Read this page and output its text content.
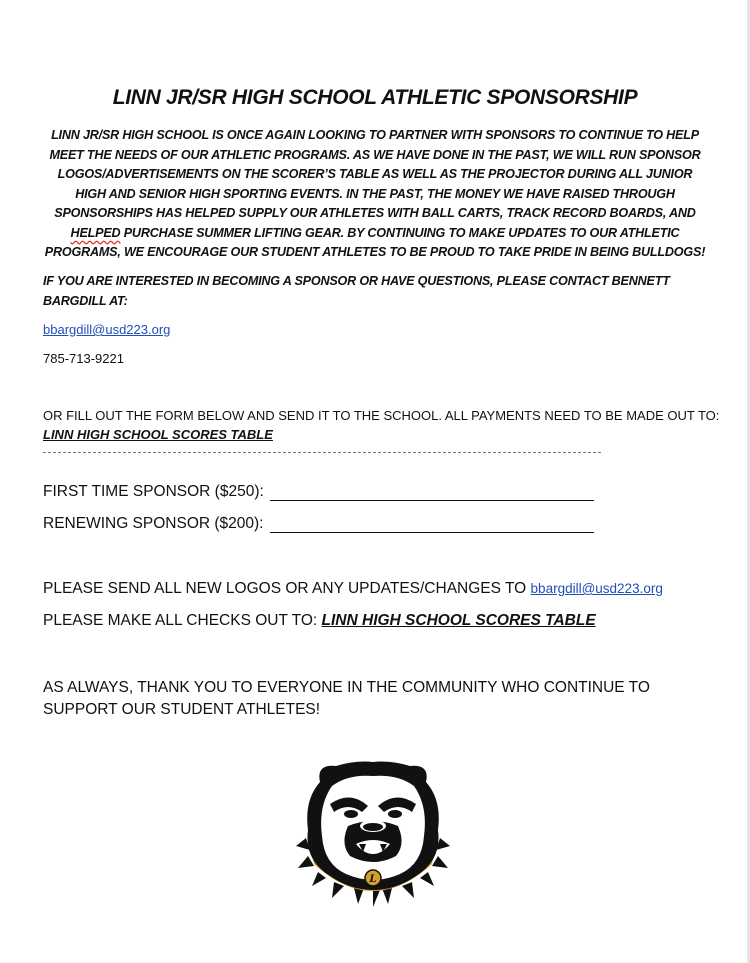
LINN JR/SR HIGH SCHOOL ATHLETIC SPONSORSHIP
LINN JR/SR HIGH SCHOOL IS ONCE AGAIN LOOKING TO PARTNER WITH SPONSORS TO CONTINUE TO HELP MEET THE NEEDS OF OUR ATHLETIC PROGRAMS. AS WE HAVE DONE IN THE PAST, WE WILL RUN SPONSOR LOGOS/ADVERTISEMENTS ON THE SCORER’S TABLE AS WELL AS THE PROJECTOR DURING ALL JUNIOR HIGH AND SENIOR HIGH SPORTING EVENTS. IN THE PAST, THE MONEY WE HAVE RAISED THROUGH SPONSORSHIPS HAS HELPED SUPPLY OUR ATHLETES WITH BALL CARTS, TRACK RECORD BOARDS, AND HELPED PURCHASE SUMMER LIFTING GEAR. BY CONTINUING TO MAKE UPDATES TO OUR ATHLETIC PROGRAMS, WE ENCOURAGE OUR STUDENT ATHLETES TO BE PROUD TO TAKE PRIDE IN BEING BULLDOGS!
IF YOU ARE INTERESTED IN BECOMING A SPONSOR OR HAVE QUESTIONS, PLEASE CONTACT BENNETT BARGDILL AT:
bbargdill@usd223.org
785-713-9221
OR FILL OUT THE FORM BELOW AND SEND IT TO THE SCHOOL. ALL PAYMENTS NEED TO BE MADE OUT TO:
LINN HIGH SCHOOL SCORES TABLE
FIRST TIME SPONSOR ($250):
RENEWING SPONSOR ($200):
PLEASE SEND ALL NEW LOGOS OR ANY UPDATES/CHANGES TO bbargdill@usd223.org
PLEASE MAKE ALL CHECKS OUT TO: LINN HIGH SCHOOL SCORES TABLE
AS ALWAYS, THANK YOU TO EVERYONE IN THE COMMUNITY WHO CONTINUE TO SUPPORT OUR STUDENT ATHLETES!
L
